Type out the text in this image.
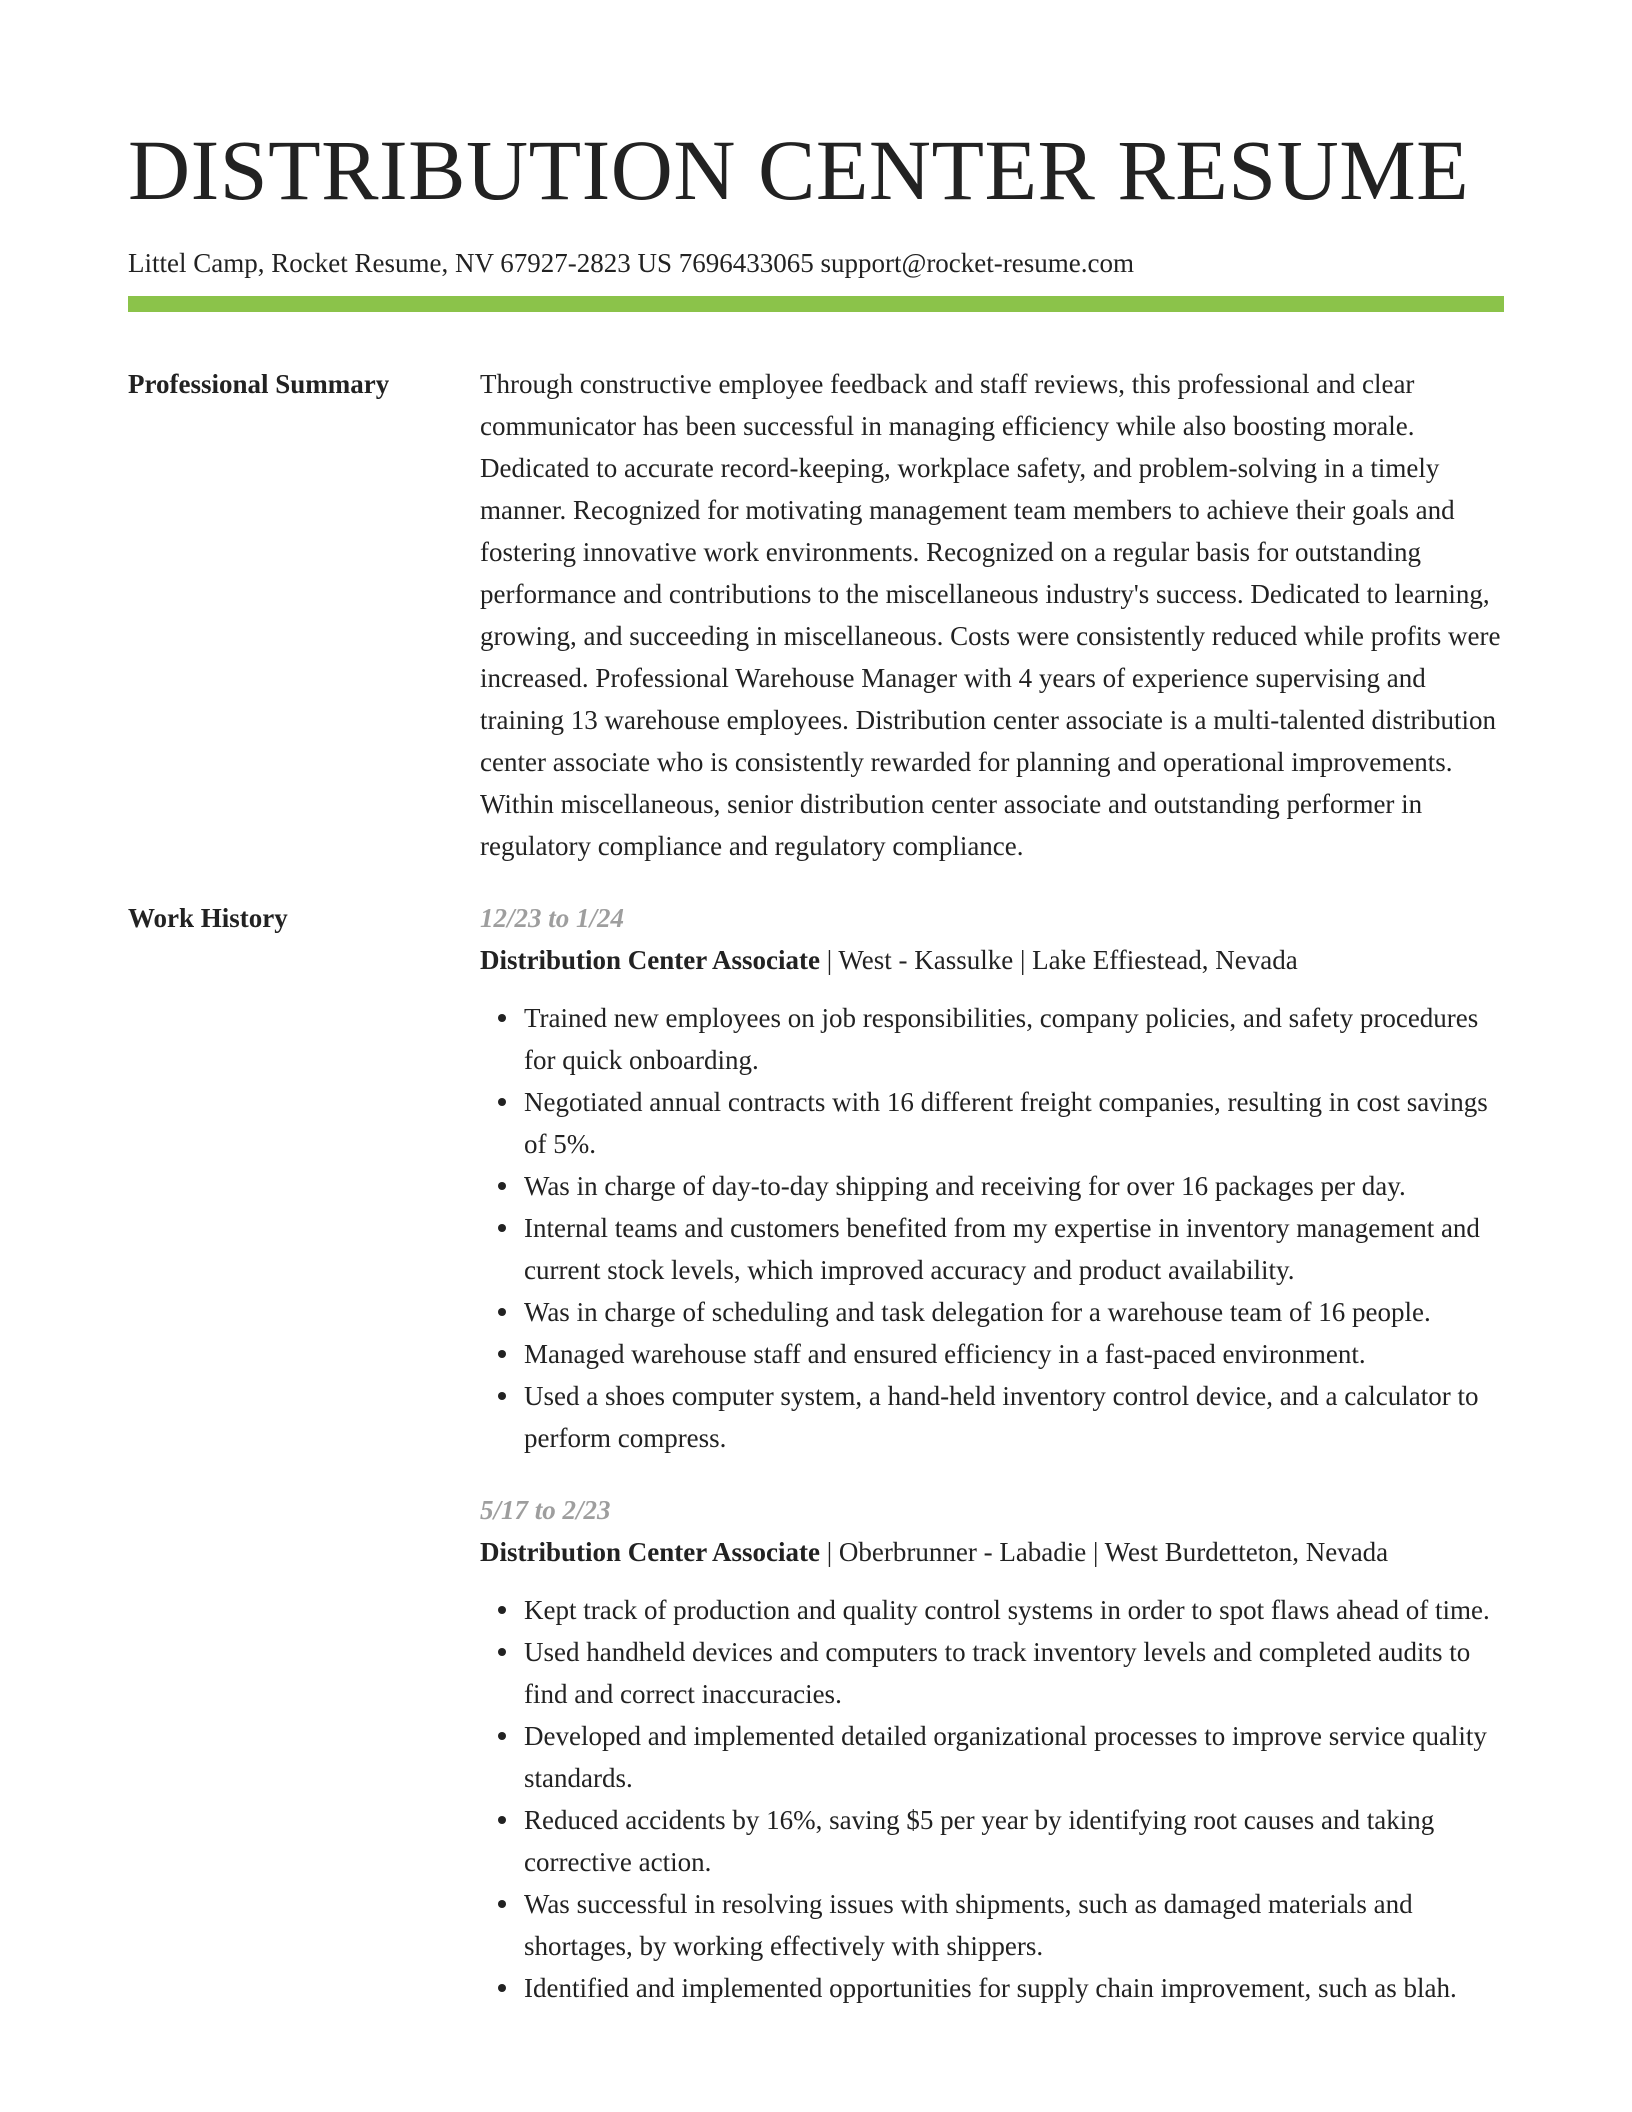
DISTRIBUTION CENTER RESUME
Littel Camp, Rocket Resume, NV 67927-2823 US 7696433065 support@rocket-resume.com
Professional Summary	Through constructive employee feedback and staff reviews, this professional and clear communicator has been successful in managing efficiency while also boosting morale. Dedicated to accurate record-keeping, workplace safety, and problem-solving in a timely manner. Recognized for motivating management team members to achieve their goals and fostering innovative work environments. Recognized on a regular basis for outstanding performance and contributions to the miscellaneous industry's success. Dedicated to learning, growing, and succeeding in miscellaneous. Costs were consistently reduced while profits were increased. Professional Warehouse Manager with 4 years of experience supervising and training 13 warehouse employees. Distribution center associate is a multi-talented distribution center associate who is consistently rewarded for planning and operational improvements. Within miscellaneous, senior distribution center associate and outstanding performer in regulatory compliance and regulatory compliance.

Work History	12/23 to 1/24
Distribution Center Associate | West - Kassulke | Lake Effiestead, Nevada
Trained new employees on job responsibilities, company policies, and safety procedures for quick onboarding.
Negotiated annual contracts with 16 different freight companies, resulting in cost savings of 5%.
Was in charge of day-to-day shipping and receiving for over 16 packages per day.
Internal teams and customers benefited from my expertise in inventory management and current stock levels, which improved accuracy and product availability.
Was in charge of scheduling and task delegation for a warehouse team of 16 people.
Managed warehouse staff and ensured efficiency in a fast-paced environment.
Used a shoes computer system, a hand-held inventory control device, and a calculator to perform compress.
5/17 to 2/23
Distribution Center Associate | Oberbrunner - Labadie | West Burdetteton, Nevada
Kept track of production and quality control systems in order to spot flaws ahead of time.
Used handheld devices and computers to track inventory levels and completed audits to find and correct inaccuracies.
Developed and implemented detailed organizational processes to improve service quality standards.
Reduced accidents by 16%, saving $5 per year by identifying root causes and taking corrective action.
Was successful in resolving issues with shipments, such as damaged materials and shortages, by working effectively with shippers.
Identified and implemented opportunities for supply chain improvement, such as blah.
